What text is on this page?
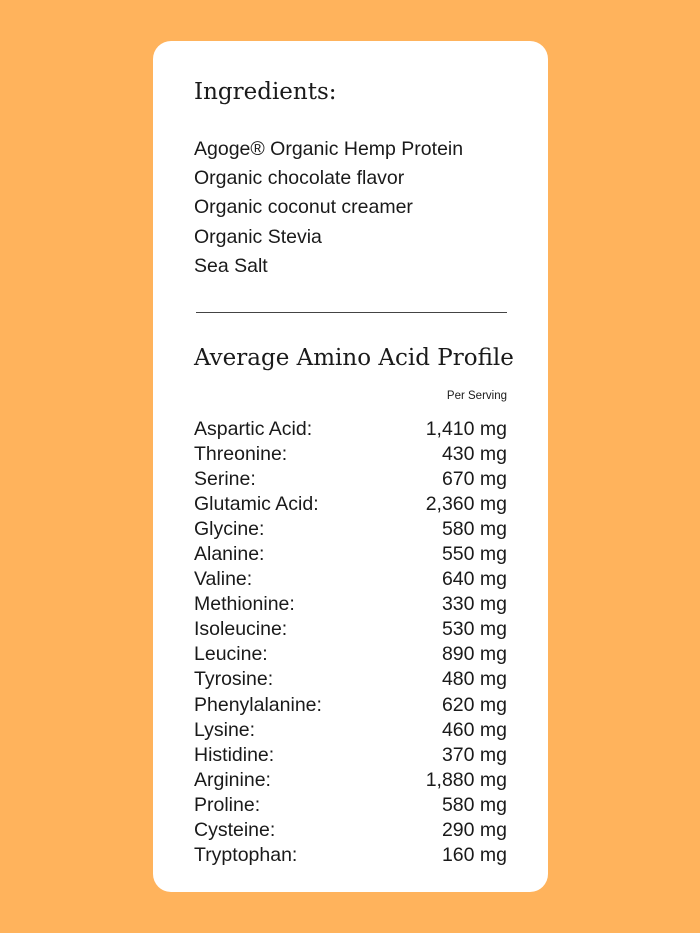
Ingredients:
Agoge® Organic Hemp Protein
Organic chocolate flavor
Organic coconut creamer
Organic Stevia
Sea Salt
Average Amino Acid Profile
Per Serving
Aspartic Acid:	1,410 mg
Threonine:	430 mg
Serine:	670 mg
Glutamic Acid:	2,360 mg
Glycine:	580 mg
Alanine:	550 mg
Valine:	640 mg
Methionine:	330 mg
Isoleucine:	530 mg
Leucine:	890 mg
Tyrosine:	480 mg
Phenylalanine:	620 mg
Lysine:	460 mg
Histidine:	370 mg
Arginine:	1,880 mg
Proline:	580 mg
Cysteine:	290 mg
Tryptophan:	160 mg
